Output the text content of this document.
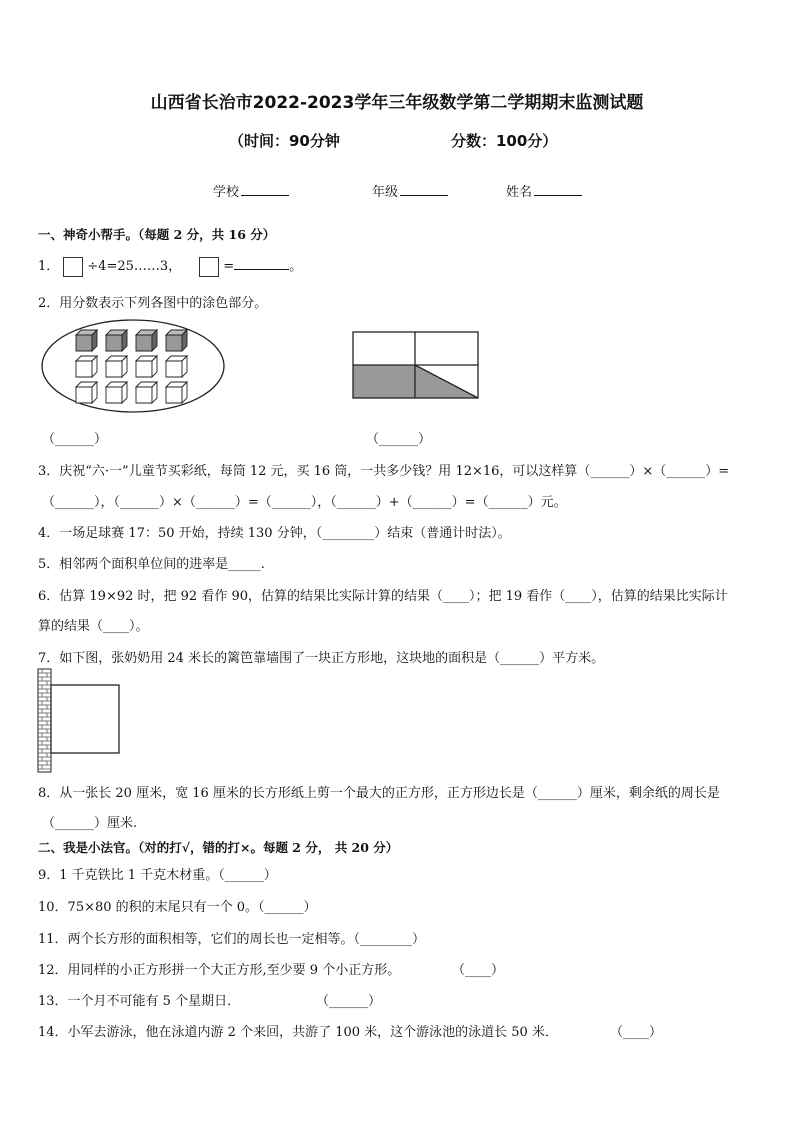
山西省长治市2022-2023学年三年级数学第二学期期末监测试题
（时间：90分钟	分数：100分）
学校	年级	姓名
一、神奇小帮手。（每题 2 分，共 16 分）
1． ÷4=25……3，	=	。
2．用分数表示下列各图中的涂色部分。
（______）	（______）
3．庆祝“六·一”儿童节买彩纸，每筒 12 元，买 16 筒，一共多少钱？用 12×16，可以这样算（______）×（______）=
（______），（______）×（______）=（______），（______）+（______）=（______）元。
4．一场足球赛 17：50 开始，持续 130 分钟，（________）结束（普通计时法）。
5．相邻两个面积单位间的进率是_____.
6．估算 19×92 时，把 92 看作 90，估算的结果比实际计算的结果（____）；把 19 看作（____），估算的结果比实际计
算的结果（____）。
7．如下图，张奶奶用 24 米长的篱笆靠墙围了一块正方形地，这块地的面积是（______）平方米。
8．从一张长 20 厘米，宽 16 厘米的长方形纸上剪一个最大的正方形，正方形边长是（______）厘米，剩余纸的周长是
（______）厘米.
二、我是小法官。（对的打√，错的打×。每题 2 分， 共 20 分）
9．1 千克铁比 1 千克木材重。（______）
10．75×80 的积的末尾只有一个 0。（______）
11．两个长方形的面积相等，它们的周长也一定相等。（________）
12．用同样的小正方形拼一个大正方形,至少要 9 个小正方形。	（____）
13．一个月不可能有 5 个星期日．	（______）
14．小军去游泳，他在泳道内游 2 个来回，共游了 100 米，这个游泳池的泳道长 50 米．	（____）
